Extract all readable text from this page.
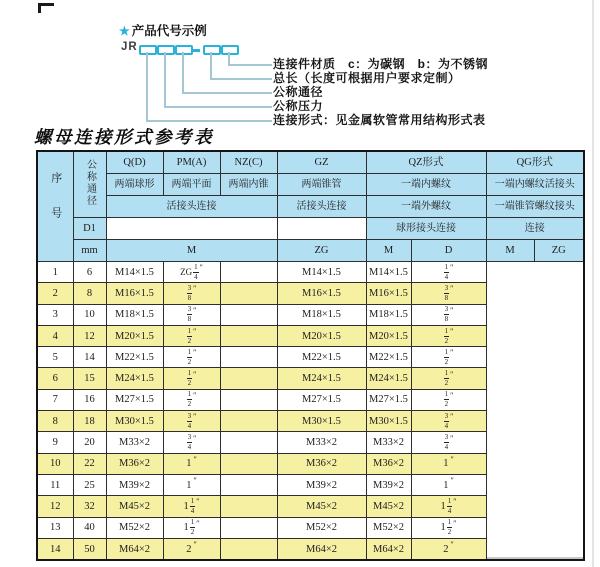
★ 产品代号示例
JR
连接件材质　c：为碳钢　b：为不锈钢
总长（长度可根据用户要求定制）
公称通径
公称压力
连接形式：见金属软管常用结构形式表
螺母连接形式参考表
序号	公称通径	Q(D)	PM(A)	NZ(C)	GZ	QZ形式		QG形式	
		两端球形	两端平面	两端内锥	两端锥管	一端内螺纹		一端内螺纹活接头	
		活接头连接			活接头连接	一端外螺纹		一端锥管螺纹接头	
	D1					球形接头连接		连接	
	mm	M			ZG	M	D	M	ZG
1	6	M14×1.5	ZG $\frac{1}{4} ''$		M14×1.5	M14×1.5	$\frac{1}{4} ''$
2	8	M16×1.5	$\frac{3}{8} ''$		M16×1.5	M16×1.5	$\frac{3}{8} ''$
3	10	M18×1.5	$\frac{3}{8} ''$		M18×1.5	M18×1.5	$\frac{3}{8} ''$
4	12	M20×1.5	$\frac{1}{2} ''$		M20×1.5	M20×1.5	$\frac{1}{2} ''$
5	14	M22×1.5	$\frac{1}{2} ''$		M22×1.5	M22×1.5	$\frac{1}{2} ''$
6	15	M24×1.5	$\frac{1}{2} ''$		M24×1.5	M24×1.5	$\frac{1}{2} ''$
7	16	M27×1.5	$\frac{1}{2} ''$		M27×1.5	M27×1.5	$\frac{1}{2} ''$
8	18	M30×1.5	$\frac{3}{4} ''$		M30×1.5	M30×1.5	$\frac{3}{4} ''$
9	20	M33×2	$\frac{3}{4} ''$		M33×2	M33×2	$\frac{3}{4} ''$
10	22	M36×2	1 ″		M36×2	M36×2	1 ″
11	25	M39×2	1 ″		M39×2	M39×2	1 ″
12	32	M45×2	$1 \frac{1}{4} ''$		M45×2	M45×2	$1 \frac{1}{4} ''$
13	40	M52×2	$1 \frac{1}{2} ''$		M52×2	M52×2	$1 \frac{1}{2} ''$
14	50	M64×2	2 ″		M64×2	M64×2	2 ″
